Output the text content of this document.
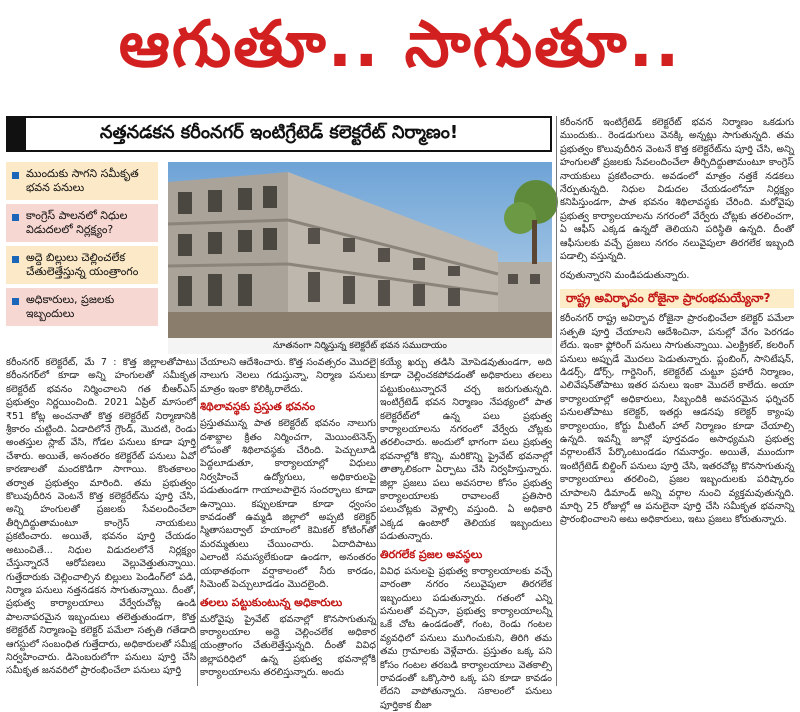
ఆగుతూ.. సాగుతూ..
నత్తనడకన కరీంనగర్ ఇంటిగ్రేటెడ్ కలెక్టరేట్ నిర్మాణం!
ముందుకు సాగని సమీకృత భవన పనులు
కాంగ్రెస్ పాలనలో నిధుల విడుదలలో నిర్లక్ష్యం?
అద్దె బిల్లులు చెల్లించలేక చేతులెత్తేస్తున్న యంత్రాంగం
అధికారులు, ప్రజలకు ఇబ్బందులు
నూతనంగా నిర్మిస్తున్న కలెక్టరేట్ భవన సముదాయం
కరీంనగర్ కలెక్టరేట్, మే 7 : కొత్త జిల్లాలతోపాటు కరీంనగర్‌లో కూడా అన్ని హంగులతో సమీకృత కలెక్టరేట్ భవనం నిర్మించాలని గత బీఆర్ఎస్ ప్రభుత్వం నిర్ణయించింది. 2021 ఏప్రిల్ మాసంలో ₹51 కోట్ల అంచనాతో కొత్త కలెక్టరేట్ నిర్మాణానికి శ్రీకారం చుట్టింది. ఏడాదిలోనే గ్రౌండ్, మొదటి, రెండు అంతస్తుల స్లాబ్ వేసి, గోడల పనులు కూడా పూర్తి చేశారు. అయితే, అనంతరం కలెక్టరేట్ పనులు ఏవో కారణాలతో మందకొడిగా సాగాయి. కొంతకాలం తర్వాత ప్రభుత్వం మారింది. తమ ప్రభుత్వం కొలువుదీరిన వెంటనే కొత్త కలెక్టరేట్‌ను పూర్తి చేసి, అన్ని హంగులతో ప్రజలకు సేవలందించేలా తీర్చిదిద్దుతామంటూ కాంగ్రెస్ నాయకులు ప్రకటించారు. అయితే, భవనం పూర్తి చేయడం అటుంచితే... నిధుల విడుదలలోనే నిర్లక్ష్యం చేస్తున్నారనే ఆరోపణలు వెల్లువెత్తుతున్నాయి. గుత్తేదారుకు చెల్లించాల్సిన బిల్లులు పెండింగ్‌లో పడి, నిర్మాణ పనులు నత్తనడకన సాగుతున్నాయి. దీంతో, ప్రభుత్వ కార్యాలయాలు వేర్వేరుచోట్ల ఉండి పాలనాపరమైన ఇబ్బందులు తలెత్తుతుండగా, కొత్త కలెక్టరేట్ నిర్మాణంపై కలెక్టర్ పమేలా సత్పతి గతేడాది ఆగస్టులో సంబంధిత గుత్తేదారు, అధికారులతో సమీక్ష నిర్వహించారు. డిసెంబరులోగా పనులు పూర్తి చేసి సమీకృత జనవరిలో ప్రారంభించేలా పనులు పూర్తి
చేయాలని ఆదేశించారు. కొత్త సంవత్సరం మొదలై నాలుగు నెలలు గడుస్తున్నా, నిర్మాణ పనులు మాత్రం ఇంకా కొలిక్కిరాలేదు.
శిథిలావస్థకు ప్రస్తుత భవనం
ప్రస్తుతమున్న పాత కలెక్టరేట్ భవనం నాలుగు దశాబ్దాల క్రితం నిర్మించగా, మెయింటెనెన్స్ లోపంతో శిథిలావస్థకు చేరింది. పెచ్చులూడి పెద్దలూడుతూ, కార్యాలయాల్లో విధులు నిర్వహించే ఉద్యోగులు, అధికారులపై పడుతుండగా గాయాలపాలైన సందర్భాలు కూడా ఉన్నాయి. కప్పులకూడా కూడా ధ్వంసం కావడంతో ఉమ్మడి జిల్లాలో అప్పటి కలెక్టర్ స్మితాసబర్వాల్ హయాంలో కెమికల్ కోటింగ్‌తో మరమ్మతులు చేయించారు. ఏదాదిపాటు ఎలాంటి సమస్యలేకుండా ఉండగా, అనంతరం యథాతథంగా వర్షాకాలంలో నీరు కారడం, సిమెంట్ పెచ్చులూడడం మొదలైంది.
తలలు పట్టుకుంటున్న అధికారులు
మరోవైపు ప్రైవేట్ భవనాల్లో కొనసాగుతున్న కార్యాలయాల అద్దె చెల్లించలేక అధికార యంత్రాంగం చేతులెత్తేస్తున్నది. దీంతో వివిధ జిల్లాపరిధిలో ఉన్న ప్రభుత్వ భవనాల్లోకి కార్యాలయాలను తరలిస్తున్నారు. అందు
కయ్యే ఖర్చు తడిసి మోపెడవుతుండగా, అది కూడా చెల్లించకపోవడంతో అధికారులు తలలు పట్టుకుంటున్నారనే చర్చ జరుగుతున్నది. ఇంటిగ్రేటెడ్ భవన నిర్మాణం నేపథ్యంలో పాత కలెక్టరేట్‌లో ఉన్న పలు ప్రభుత్వ కార్యాలయాలను నగరంలో వేర్వేరు చోట్లకు తరలించారు. అందులో భాగంగా పలు ప్రభుత్వ భవనాల్లోకి కొన్ని, మరికొన్ని ప్రైవేట్ భవనాల్లో తాత్కాలికంగా ఏర్పాటు చేసి నిర్వహిస్తున్నారు. జిల్లా ప్రజలు పలు అవసరాల కోసం ప్రభుత్వ కార్యాలయాలకు రావాలంటే ప్రతిసారి పలుచోట్లకు వెళ్లాల్సి వస్తుంది. ఏ అధికారి ఎక్కడ ఉంటారో తెలియక ఇబ్బందులు పడుతున్నారు.
తిరగలేక ప్రజల అవస్థలు
వివిధ పనులపై ప్రభుత్వ కార్యాలయాలకు వచ్చే వారంతా నగరం నలువైపులా తిరగలేక ఇబ్బందులు పడుతున్నారు. గతంలో ఎన్ని పనులతో వచ్చినా, ప్రభుత్వ కార్యాలయాలన్నీ ఒకే చోట ఉండడంతో, గంట, రెండు గంటల వ్యవధిలో పనులు ముగించుకుని, తిరిగి తమ తమ గ్రామాలకు వెళ్లేవారు. ప్రస్తుతం ఒక్క పని కోసం గంటల తరబడి కార్యాలయాలు వెతకాల్సి రావడంతో ఒక్కొసారి ఒక్క పని కూడా కావడం లేదని వాపోతున్నారు. సకాలంలో పనులు పూర్తికాక బీజా
కరీంనగర్ ఇంటిగ్రేటెడ్ కలెక్టరేట్ భవన నిర్మాణం ఒకడుగు ముందుకు.. రెండడుగులు వెనక్కి అన్నట్లు సాగుతున్నది. తమ ప్రభుత్వం కొలువుదీరిన వెంటనే కొత్త కలెక్టరేట్‌ను పూర్తి చేసి, అన్ని హంగులతో ప్రజలకు సేవలందించేలా తీర్చిదిద్దుతామంటూ కాంగ్రెస్ నాయకులు ప్రకటించారు. అవడంలో మాత్రం నత్తకే నడకలు నేర్పుతున్నది. నిధుల విడుదల చేయడంలోనూ నిర్లక్ష్యం కనిపిస్తుండగా, పాత భవనం శిథిలావస్థకు చేరింది. మరోవైపు ప్రభుత్వ కార్యాలయాలను నగరంలో వేర్వేరు చోట్లకు తరలించగా, ఏ ఆఫీస్ ఎక్కడ ఉన్నదో తెలియని పరిస్థితి ఉన్నది. దీంతో ఆఫీసులకు వచ్చే ప్రజలు నగరం నలువైపులా తిరగలేక ఇబ్బంది పడాల్సి వస్తున్నది.
రవుతున్నారని మండిపడుతున్నారు.
రాష్ట్ర అవిర్భావం రోజైనా ప్రారంభమయ్యేనా?
కరీంనగర్ రాష్ట్ర అవిర్భావ రోజైనా ప్రారంభించేలా కలెక్టర్ పమేలా సత్పతి పూర్తి చేయాలని ఆదేశించినా, పనుల్లో వేగం పెరగడం లేదు. ఇంకా ఫ్లోరింగ్ పనులు సాగుతున్నాయి. ఎలక్ట్రికల్, కలరింగ్ పనులు అప్పుడే మొదలు పెడుతున్నారు. ప్లంబింగ్, సానిటేషన్, డిడర్స్, డోర్స్, గార్డెనింగ్, కలెక్టరేట్ చుట్టూ ప్రహారీ నిర్మాణం, ఎలివేషన్‌తోపాటు ఇతర పనులు ఇంకా మొదలే కాలేదు. అయా కార్యాలయాల్లో అధికారులు, సిబ్బందికి అవసరమైన ఫర్నిచర్ పనులతోపాటు కలెక్టర్, ఇతర్లు ఆడనపు కలెక్టర్ క్యాంపు కార్యాలయం, కోర్టు మీటింగ్ హాల్ నిర్మాణం కూడా చేయాల్సి ఉన్నది. ఇవన్నీ జూన్లో పూర్తవడం అసాధ్యమని ప్రభుత్వ వర్గాలంటేనే పేర్కొంటుండడం గమనార్హం. అయితే, ముందుగా ఇంటిగ్రేటెడ్ బిల్డింగ్ పనులు పూర్తి చేసి, ఇతరచోట్ల కొనసాగుతున్న కార్యాలయాలు తరలించి, ప్రజల ఇబ్బందులకు పరిష్కారం చూపాలని డిమాండ్ అన్ని వర్గాల నుంచి వ్యక్తమవుతున్నది. మార్చి 25 రోజుల్లో ఆ పనులైనా పూర్తి చేసి సమీకృత భవనాన్ని ప్రారంభించాలని అటు అధికారులు, ఇటు ప్రజలు కోరుతున్నారు.
